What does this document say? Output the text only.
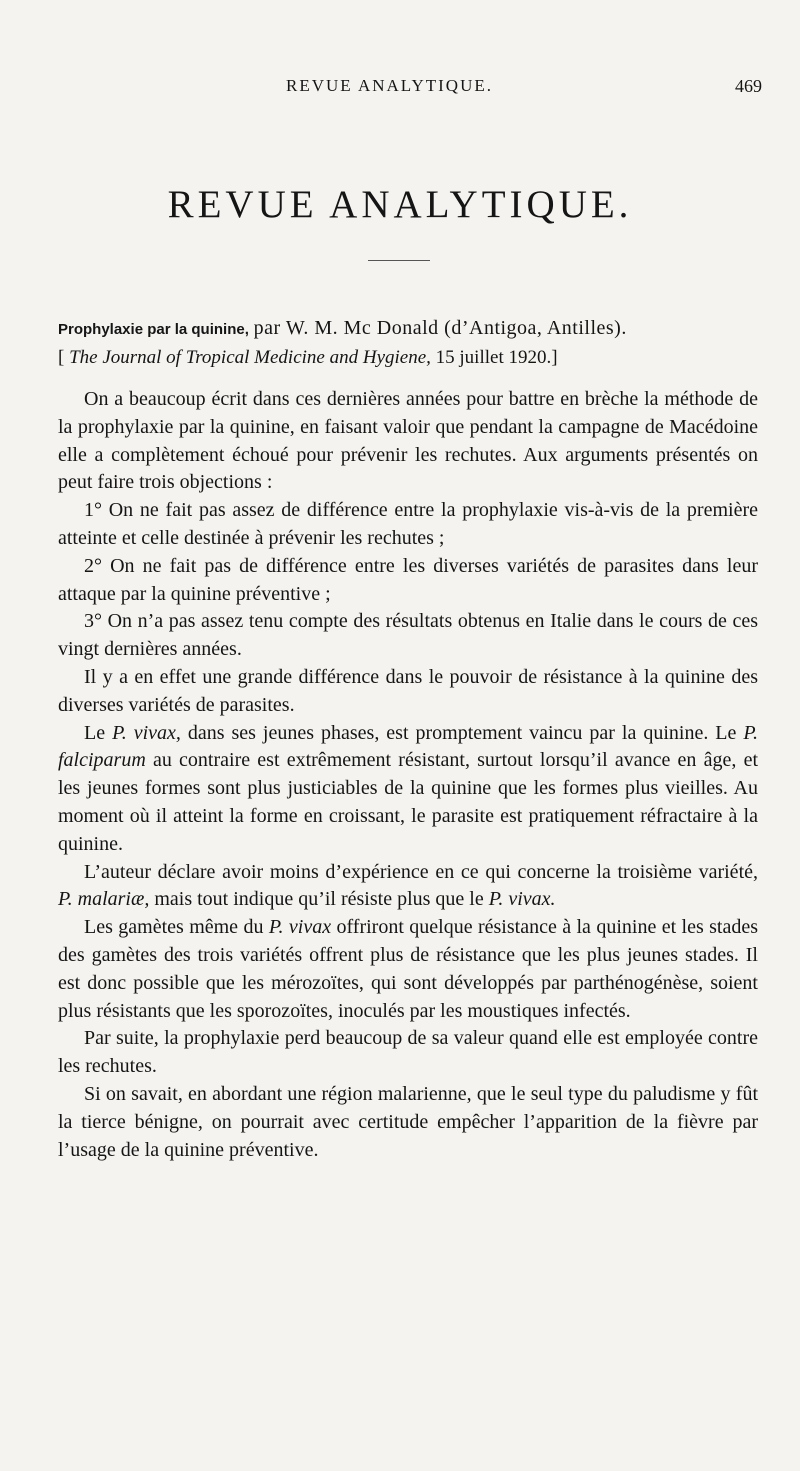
REVUE ANALYTIQUE.	469
REVUE ANALYTIQUE.
Prophylaxie par la quinine, par W. M. Mc Donald (d’Antigoa, Antilles).
[ The Journal of Tropical Medicine and Hygiene, 15 juillet 1920.]

On a beaucoup écrit dans ces dernières années pour battre en brèche la méthode de la prophylaxie par la quinine, en faisant valoir que pendant la campagne de Macédoine elle a complètement échoué pour prévenir les rechutes. Aux arguments présentés on peut faire trois objections :

1° On ne fait pas assez de différence entre la prophylaxie vis-à-vis de la première atteinte et celle destinée à prévenir les rechutes ;

2° On ne fait pas de différence entre les diverses variétés de parasites dans leur attaque par la quinine préventive ;

3° On n’a pas assez tenu compte des résultats obtenus en Italie dans le cours de ces vingt dernières années.

Il y a en effet une grande différence dans le pouvoir de résistance à la quinine des diverses variétés de parasites.

Le P. vivax, dans ses jeunes phases, est promptement vaincu par la quinine. Le P. falciparum au contraire est extrêmement résistant, surtout lorsqu’il avance en âge, et les jeunes formes sont plus justiciables de la quinine que les formes plus vieilles. Au moment où il atteint la forme en croissant, le parasite est pratiquement réfractaire à la quinine.

L’auteur déclare avoir moins d’expérience en ce qui concerne la troisième variété, P. malariæ, mais tout indique qu’il résiste plus que le P. vivax.

Les gamètes même du P. vivax offriront quelque résistance à la quinine et les stades des gamètes des trois variétés offrent plus de résistance que les plus jeunes stades. Il est donc possible que les mérozoïtes, qui sont développés par parthénogénèse, soient plus résistants que les sporozoïtes, inoculés par les moustiques infectés.

Par suite, la prophylaxie perd beaucoup de sa valeur quand elle est employée contre les rechutes.

Si on savait, en abordant une région malarienne, que le seul type du paludisme y fût la tierce bénigne, on pourrait avec certitude empêcher l’apparition de la fièvre par l’usage de la quinine préventive.
